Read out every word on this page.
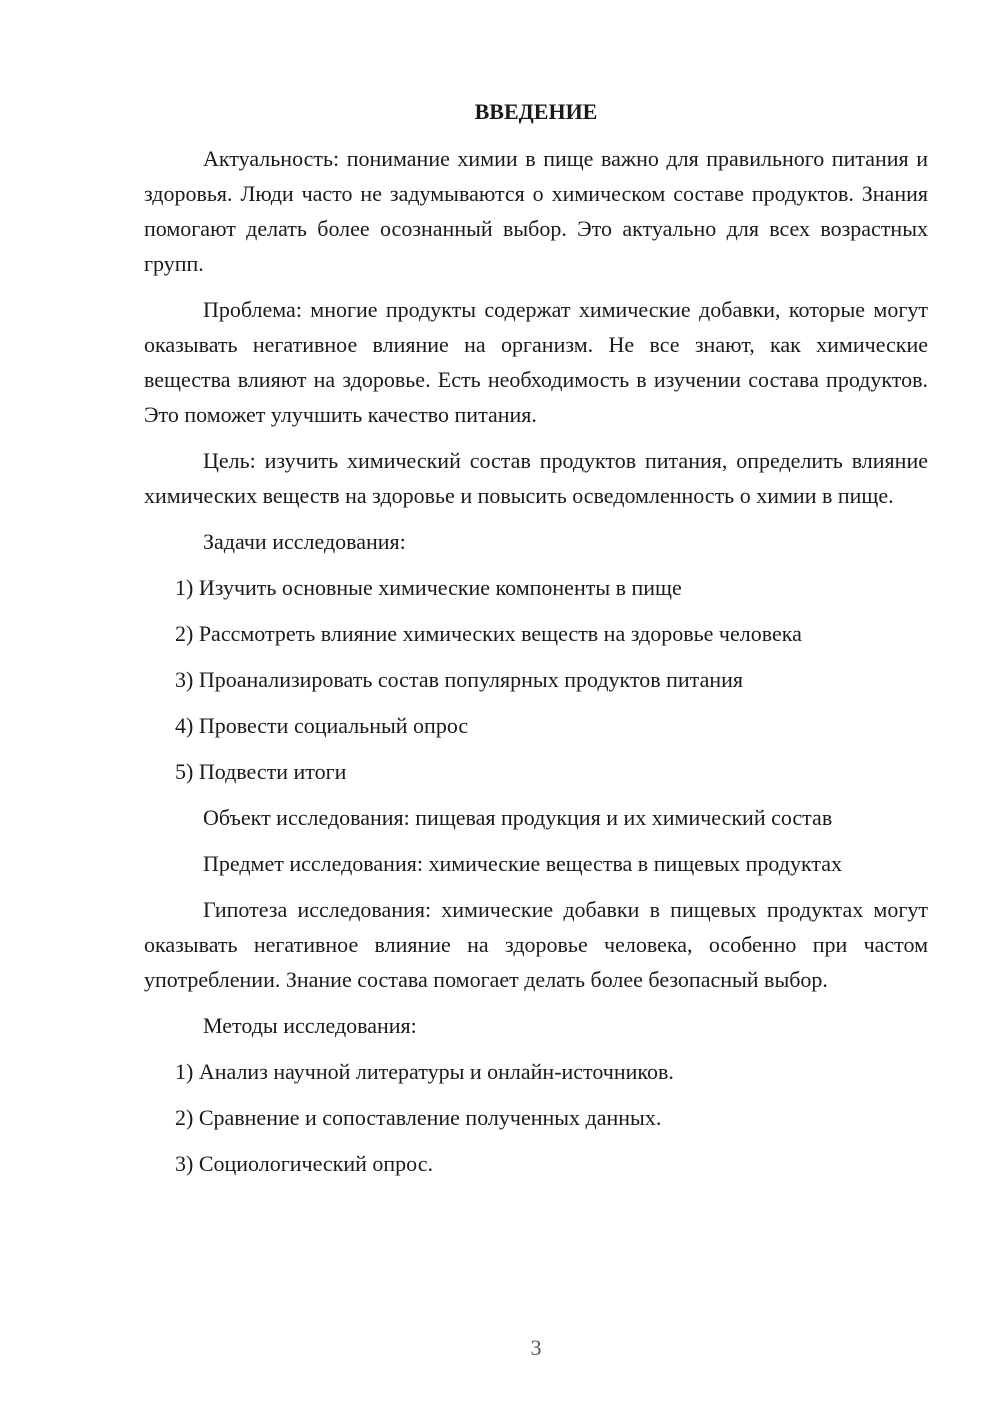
ВВЕДЕНИЕ

Актуальность: понимание химии в пище важно для правильного питания и здоровья. Люди часто не задумываются о химическом составе продуктов. Знания помогают делать более осознанный выбор. Это актуально для всех возрастных групп.

Проблема: многие продукты содержат химические добавки, которые могут оказывать негативное влияние на организм. Не все знают, как химические вещества влияют на здоровье. Есть необходимость в изучении состава продуктов. Это поможет улучшить качество питания.

Цель: изучить химический состав продуктов питания, определить влияние химических веществ на здоровье и повысить осведомленность о химии в пище.

Задачи исследования:

1) Изучить основные химические компоненты в пище
2) Рассмотреть влияние химических веществ на здоровье человека
3) Проанализировать состав популярных продуктов питания
4) Провести социальный опрос
5) Подвести итоги

Объект исследования: пищевая продукция и их химический состав

Предмет исследования: химические вещества в пищевых продуктах

Гипотеза исследования: химические добавки в пищевых продуктах могут оказывать негативное влияние на здоровье человека, особенно при частом употреблении. Знание состава помогает делать более безопасный выбор.

Методы исследования:

1) Анализ научной литературы и онлайн-источников.
2) Сравнение и сопоставление полученных данных.
3) Социологический опрос.
3
